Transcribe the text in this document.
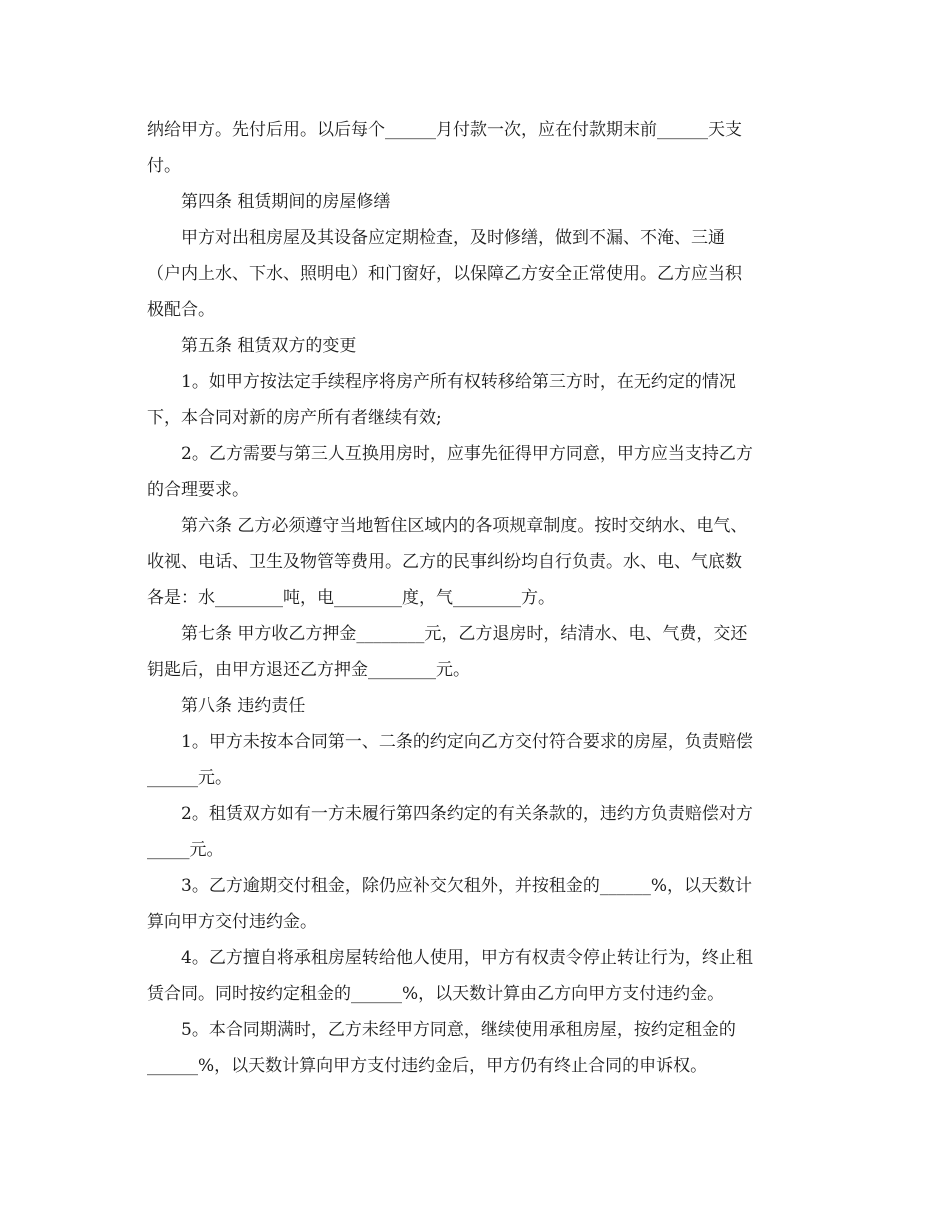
纳给甲方。先付后用。以后每个______月付款一次，应在付款期末前______天支
付。
第四条 租赁期间的房屋修缮
甲方对出租房屋及其设备应定期检查，及时修缮，做到不漏、不淹、三通
（户内上水、下水、照明电）和门窗好，以保障乙方安全正常使用。乙方应当积
极配合。
第五条 租赁双方的变更
1。如甲方按法定手续程序将房产所有权转移给第三方时，在无约定的情况
下，本合同对新的房产所有者继续有效;
2。乙方需要与第三人互换用房时，应事先征得甲方同意，甲方应当支持乙方
的合理要求。
第六条 乙方必须遵守当地暂住区域内的各项规章制度。按时交纳水、电气、
收视、电话、卫生及物管等费用。乙方的民事纠纷均自行负责。水、电、气底数
各是：水________吨，电________度，气________方。
第七条 甲方收乙方押金________元，乙方退房时，结清水、电、气费，交还
钥匙后，由甲方退还乙方押金________元。
第八条 违约责任
1。甲方未按本合同第一、二条的约定向乙方交付符合要求的房屋，负责赔偿
______元。
2。租赁双方如有一方未履行第四条约定的有关条款的，违约方负责赔偿对方
_____元。
3。乙方逾期交付租金，除仍应补交欠租外，并按租金的______%，以天数计
算向甲方交付违约金。
4。乙方擅自将承租房屋转给他人使用，甲方有权责令停止转让行为，终止租
赁合同。同时按约定租金的______%，以天数计算由乙方向甲方支付违约金。
5。本合同期满时，乙方未经甲方同意，继续使用承租房屋，按约定租金的
______%，以天数计算向甲方支付违约金后，甲方仍有终止合同的申诉权。
